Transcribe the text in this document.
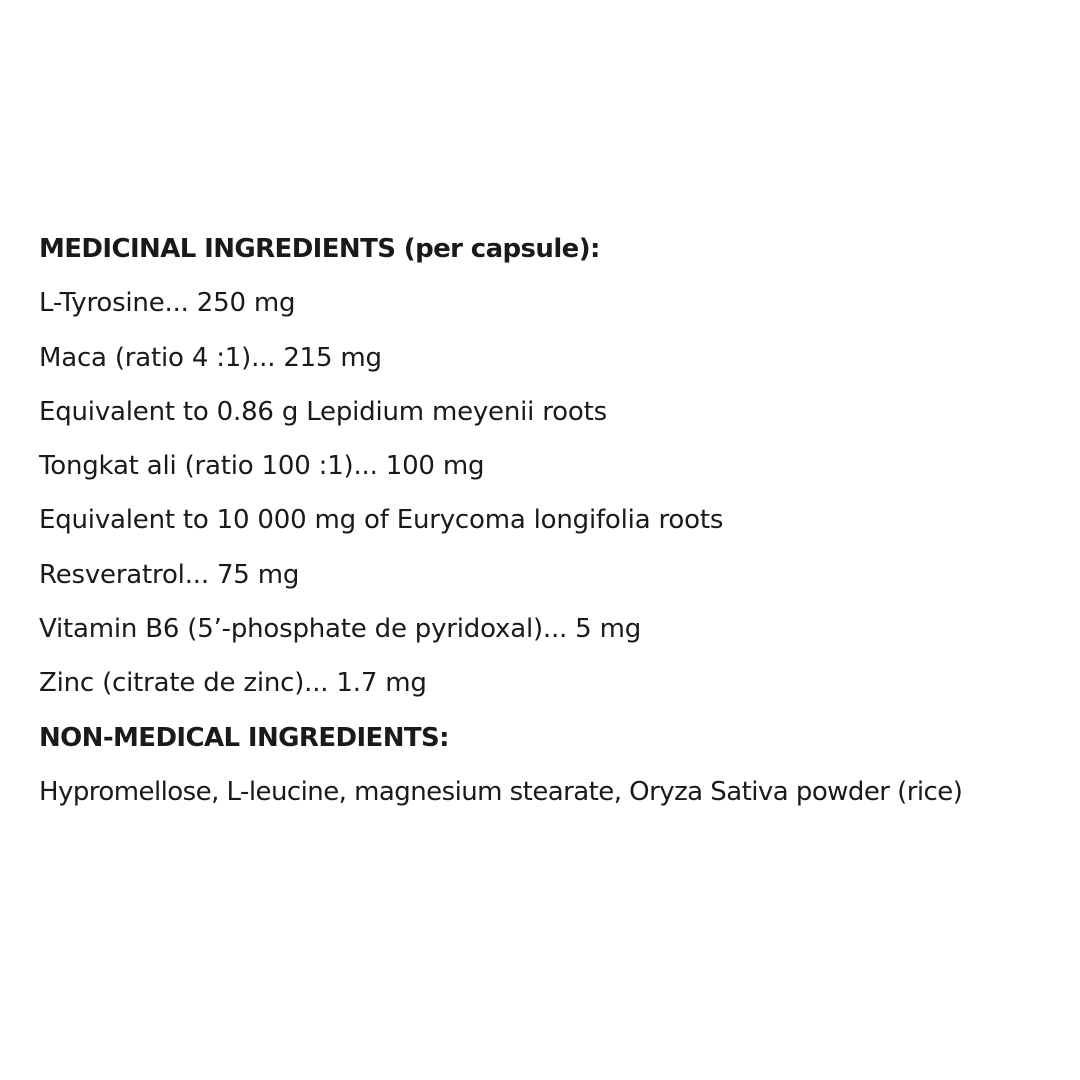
MEDICINAL INGREDIENTS (per capsule):
L-Tyrosine... 250 mg
Maca (ratio 4 :1)... 215 mg
Equivalent to 0.86 g Lepidium meyenii roots
Tongkat ali (ratio 100 :1)... 100 mg
Equivalent to 10 000 mg of Eurycoma longifolia roots
Resveratrol... 75 mg
Vitamin B6 (5’-phosphate de pyridoxal)... 5 mg
Zinc (citrate de zinc)... 1.7 mg
NON-MEDICAL INGREDIENTS:
Hypromellose, L-leucine, magnesium stearate, Oryza Sativa powder (rice)
